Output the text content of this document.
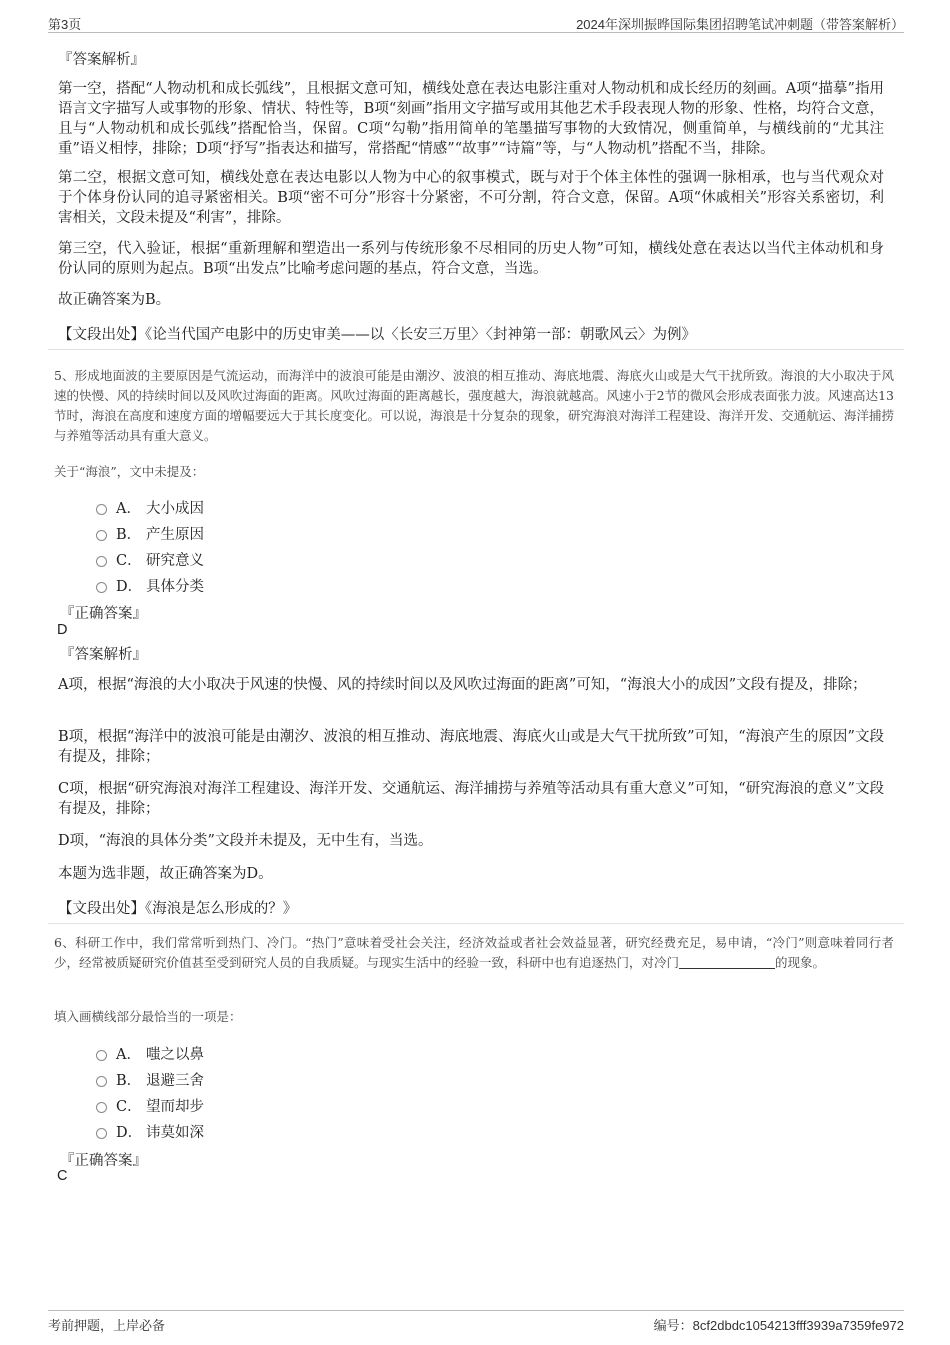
第3页	2024年深圳振晔国际集团招聘笔试冲刺题（带答案解析）
『答案解析』
第一空，搭配“人物动机和成长弧线”，且根据文意可知，横线处意在表达电影注重对人物动机和成长经历的刻画。A项“描摹”指用语言文字描写人或事物的形象、情状、特性等，B项“刻画”指用文字描写或用其他艺术手段表现人物的形象、性格，均符合文意，且与“人物动机和成长弧线”搭配恰当，保留。C项“勾勒”指用简单的笔墨描写事物的大致情况，侧重简单，与横线前的“尤其注重”语义相悖，排除；D项“抒写”指表达和描写，常搭配“情感”“故事”“诗篇”等，与“人物动机”搭配不当，排除。
第二空，根据文意可知，横线处意在表达电影以人物为中心的叙事模式，既与对于个体主体性的强调一脉相承，也与当代观众对于个体身份认同的追寻紧密相关。B项“密不可分”形容十分紧密，不可分割，符合文意，保留。A项“休戚相关”形容关系密切，利害相关，文段未提及“利害”，排除。
第三空，代入验证，根据“重新理解和塑造出一系列与传统形象不尽相同的历史人物”可知，横线处意在表达以当代主体动机和身份认同的原则为起点。B项“出发点”比喻考虑问题的基点，符合文意，当选。
故正确答案为B。
【文段出处】《论当代国产电影中的历史审美——以〈长安三万里〉〈封神第一部：朝歌风云〉为例》
5、形成地面波的主要原因是气流运动，而海洋中的波浪可能是由潮汐、波浪的相互推动、海底地震、海底火山或是大气干扰所致。海浪的大小取决于风速的快慢、风的持续时间以及风吹过海面的距离。风吹过海面的距离越长，强度越大，海浪就越高。风速小于2节的微风会形成表面张力波。风速高达13节时，海浪在高度和速度方面的增幅要远大于其长度变化。可以说，海浪是十分复杂的现象，研究海浪对海洋工程建设、海洋开发、交通航运、海洋捕捞与养殖等活动具有重大意义。
关于“海浪”，文中未提及：
A． 大小成因
B． 产生原因
C． 研究意义
D． 具体分类
『正确答案』
D
『答案解析』
A项，根据“海浪的大小取决于风速的快慢、风的持续时间以及风吹过海面的距离”可知，“海浪大小的成因”文段有提及，排除；
B项，根据“海洋中的波浪可能是由潮汐、波浪的相互推动、海底地震、海底火山或是大气干扰所致”可知，“海浪产生的原因”文段有提及，排除；
C项，根据“研究海浪对海洋工程建设、海洋开发、交通航运、海洋捕捞与养殖等活动具有重大意义”可知，“研究海浪的意义”文段有提及，排除；
D项，“海浪的具体分类”文段并未提及，无中生有，当选。
本题为选非题，故正确答案为D。
【文段出处】《海浪是怎么形成的？》
6、科研工作中，我们常常听到热门、冷门。“热门”意味着受社会关注，经济效益或者社会效益显著，研究经费充足，易申请，“冷门”则意味着同行者少，经常被质疑研究价值甚至受到研究人员的自我质疑。与现实生活中的经验一致，科研中也有追逐热门，对冷门	的现象。
填入画横线部分最恰当的一项是：
A． 嗤之以鼻
B． 退避三舍
C． 望而却步
D． 讳莫如深
『正确答案』
C
考前押题，上岸必备	编号：8cf2dbdc1054213fff3939a7359fe972
